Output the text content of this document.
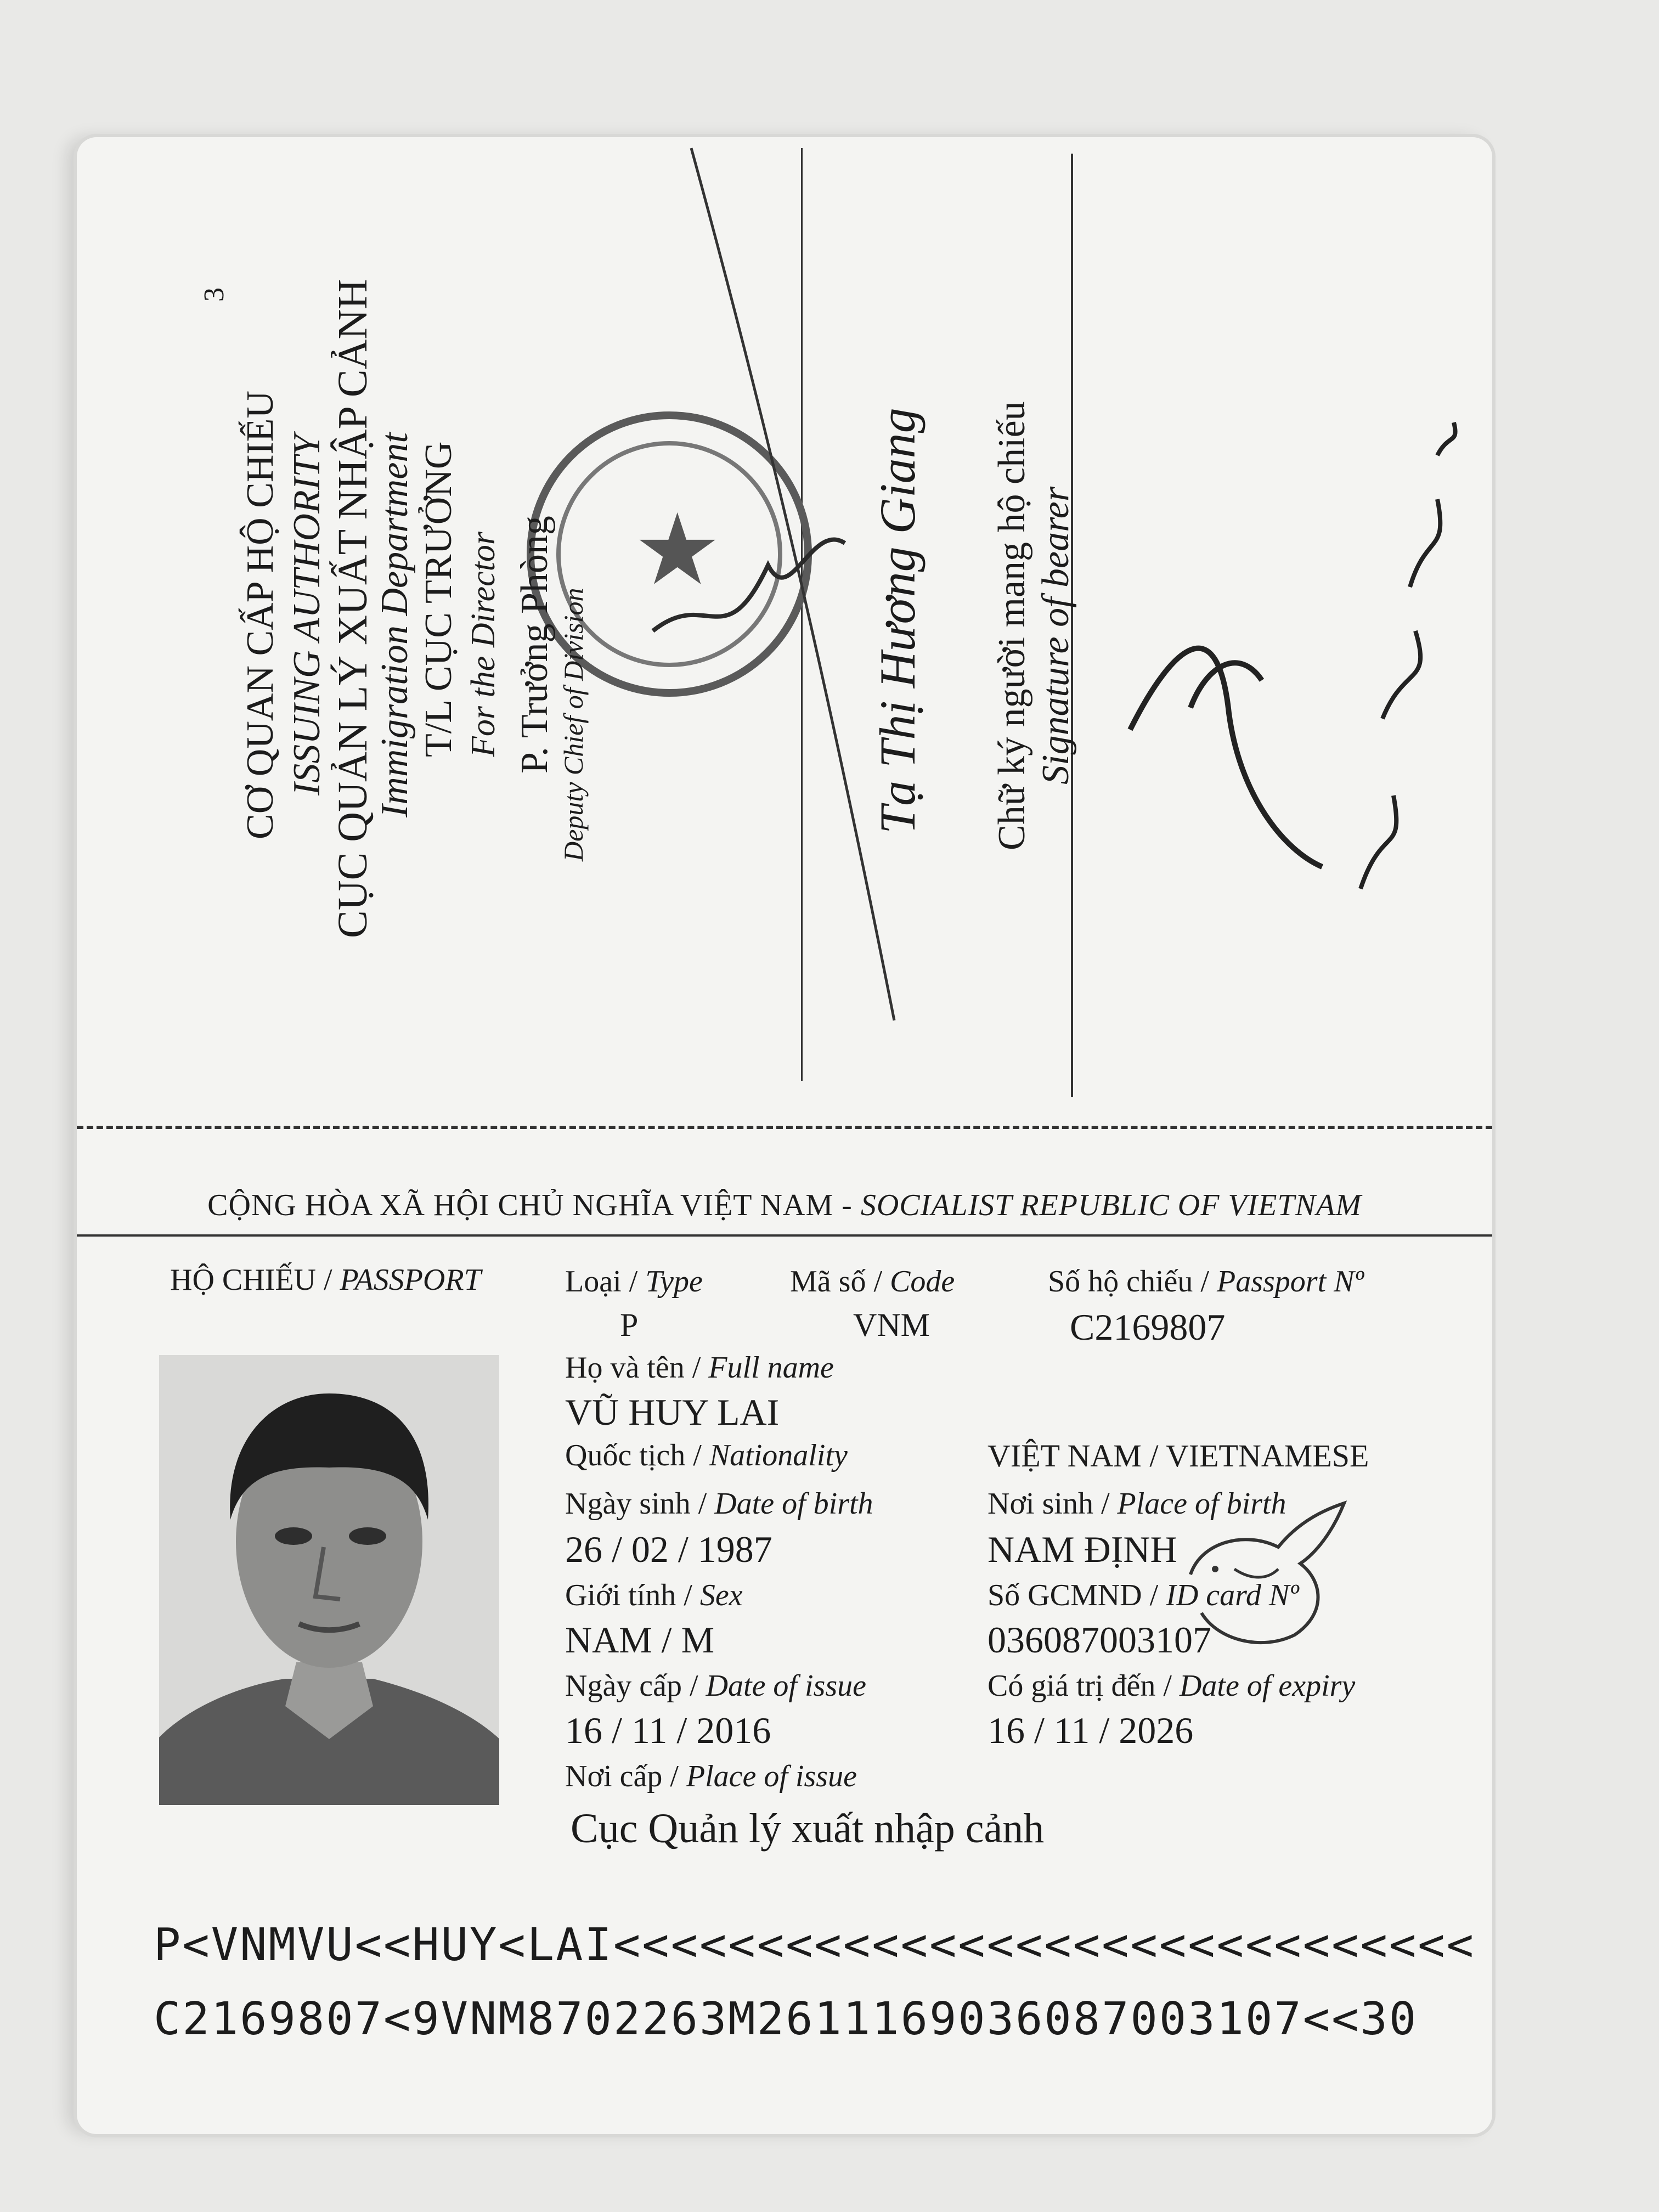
★
3
CƠ QUAN CẤP HỘ CHIẾU ISSUING AUTHORITY CỤC QUẢN LÝ XUẤT NHẬP CẢNH
Immigration Department T/L CỤC TRƯỞNG For the Director P. Trưởng Phòng Deputy Chief of Division	Tạ Thị Hương Giang Chữ ký người mang hộ chiếu Signature of bearer
CỘNG HÒA XÃ HỘI CHỦ NGHĨA VIỆT NAM - SOCIALIST REPUBLIC OF VIETNAM
HỘ CHIẾU / PASSPORT	Loại / Type
P
Mã số / Code
VNM
Số hộ chiếu / Passport Nº
C2169807
Họ và tên / Full name
VŨ HUY LAI
Quốc tịch / Nationality	VIỆT NAM / VIETNAMESE
Ngày sinh / Date of birth
26 / 02 / 1987
Nơi sinh / Place of birth
NAM ĐỊNH
Giới tính / Sex
NAM / M
Số GCMND / ID card Nº
036087003107
Ngày cấp / Date of issue
16 / 11 / 2016
Có giá trị đến / Date of expiry
16 / 11 / 2026
Nơi cấp / Place of issue
Cục Quản lý xuất nhập cảnh
P<VNMVU<<HUY<LAI<<<<<<<<<<<<<<<<<<<<<<<<<<<<<<
C2169807<9VNM8702263M2611169036087003107<<30
